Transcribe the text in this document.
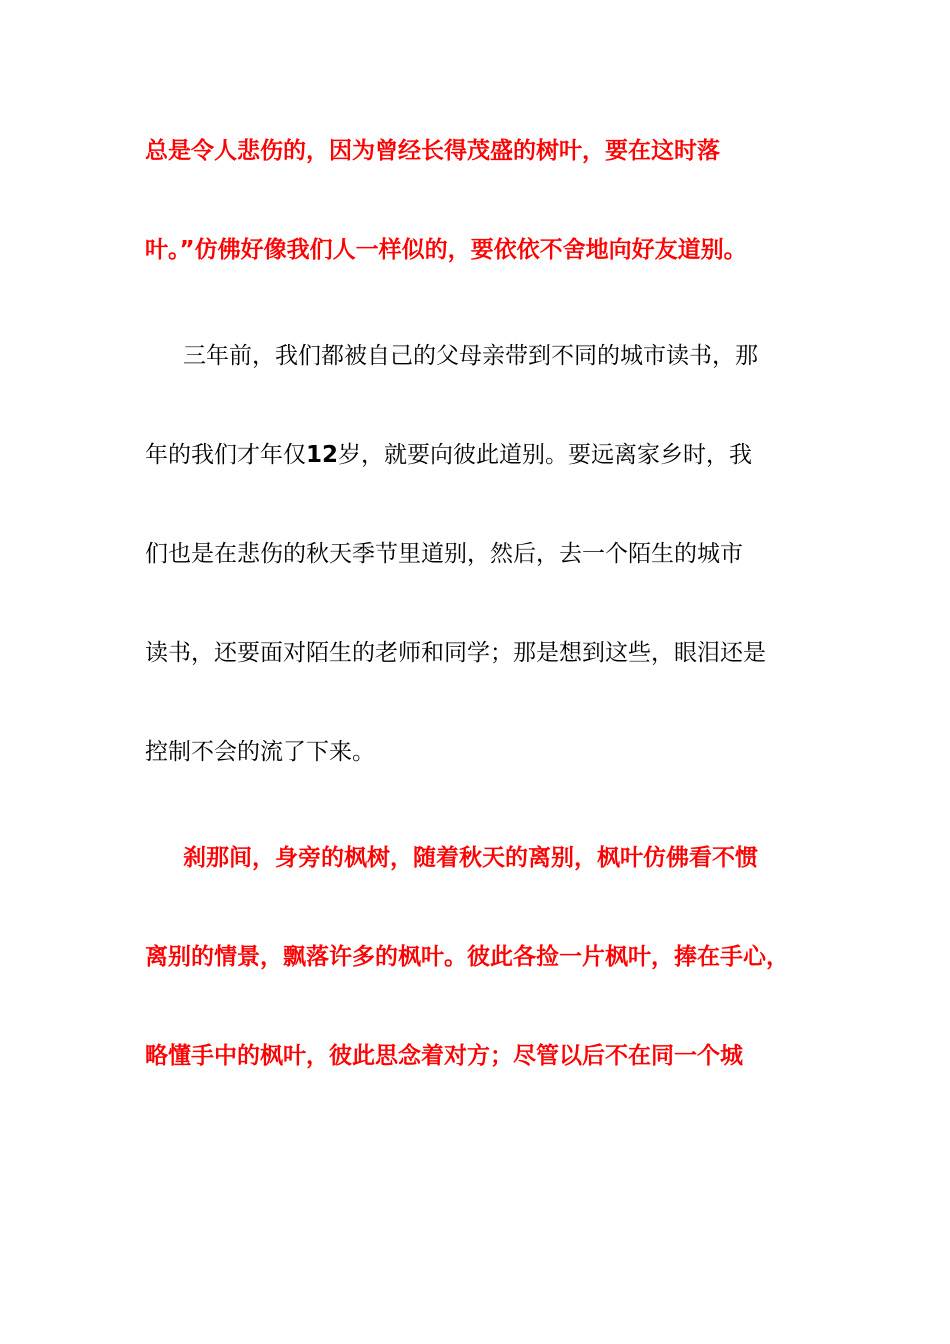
总是令人悲伤的，因为曾经长得茂盛的树叶，要在这时落
叶。”仿佛好像我们人一样似的，要依依不舍地向好友道别。
三年前，我们都被自己的父母亲带到不同的城市读书，那
年的我们才年仅12岁，就要向彼此道别。要远离家乡时，我
们也是在悲伤的秋天季节里道别，然后，去一个陌生的城市
读书，还要面对陌生的老师和同学；那是想到这些，眼泪还是
控制不会的流了下来。
刹那间，身旁的枫树，随着秋天的离别，枫叶仿佛看不惯
离别的情景，飘落许多的枫叶。彼此各捡一片枫叶，捧在手心，
略懂手中的枫叶，彼此思念着对方；尽管以后不在同一个城
